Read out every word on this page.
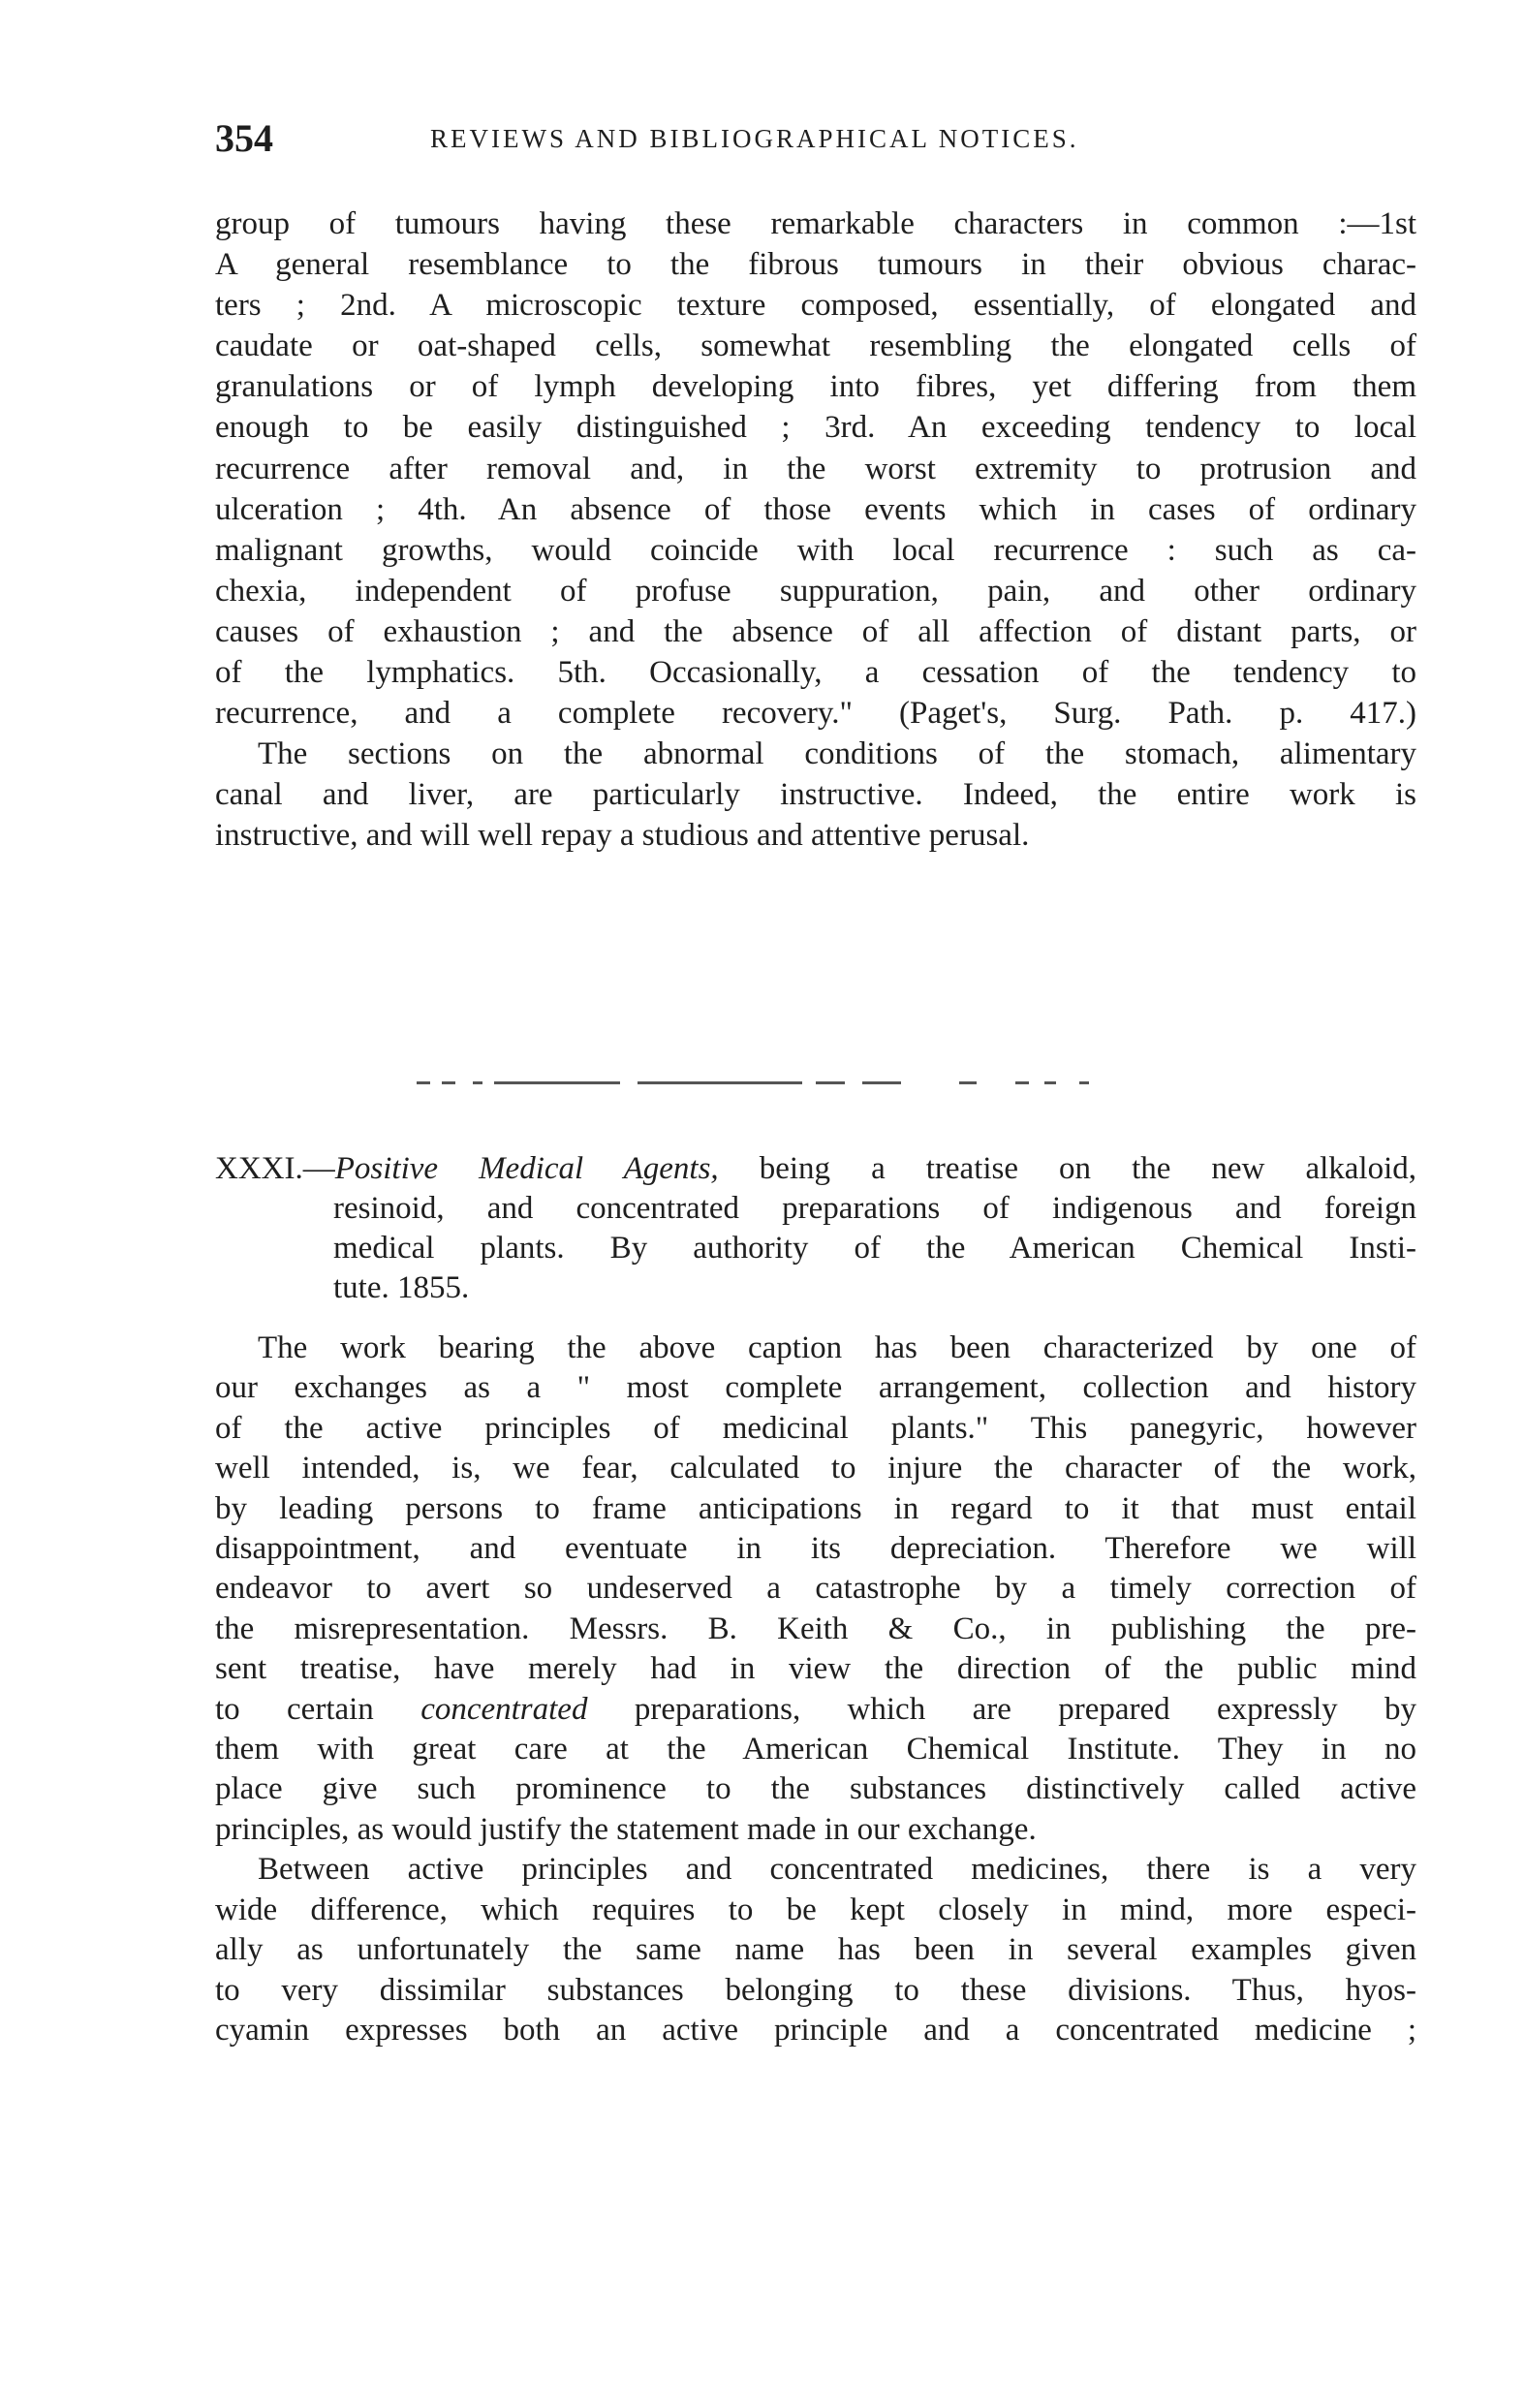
354	REVIEWS AND BIBLIOGRAPHICAL NOTICES.
group of tumours having these remarkable characters in common :—1st
A general resemblance to the fibrous tumours in their obvious charac-
ters ; 2nd. A microscopic texture composed, essentially, of elongated and
caudate or oat-shaped cells, somewhat resembling the elongated cells of
granulations or of lymph developing into fibres, yet differing from them
enough to be easily distinguished ; 3rd. An exceeding tendency to local
recurrence after removal and, in the worst extremity to protrusion and
ulceration ; 4th. An absence of those events which in cases of ordinary
malignant growths, would coincide with local recurrence : such as ca-
chexia, independent of profuse suppuration, pain, and other ordinary
causes of exhaustion ; and the absence of all affection of distant parts, or
of the lymphatics. 5th. Occasionally, a cessation of the tendency to
recurrence, and a complete recovery." (Paget's, Surg. Path. p. 417.)
The sections on the abnormal conditions of the stomach, alimentary
canal and liver, are particularly instructive. Indeed, the entire work is
instructive, and will well repay a studious and attentive perusal.
XXXI.—Positive Medical Agents, being a treatise on the new alkaloid,
resinoid, and concentrated preparations of indigenous and foreign
medical plants. By authority of the American Chemical Insti-
tute. 1855.
The work bearing the above caption has been characterized by one of
our exchanges as a " most complete arrangement, collection and history
of the active principles of medicinal plants." This panegyric, however
well intended, is, we fear, calculated to injure the character of the work,
by leading persons to frame anticipations in regard to it that must entail
disappointment, and eventuate in its depreciation. Therefore we will
endeavor to avert so undeserved a catastrophe by a timely correction of
the misrepresentation. Messrs. B. Keith & Co., in publishing the pre-
sent treatise, have merely had in view the direction of the public mind
to certain concentrated preparations, which are prepared expressly by
them with great care at the American Chemical Institute. They in no
place give such prominence to the substances distinctively called active
principles, as would justify the statement made in our exchange.
Between active principles and concentrated medicines, there is a very
wide difference, which requires to be kept closely in mind, more especi-
ally as unfortunately the same name has been in several examples given
to very dissimilar substances belonging to these divisions. Thus, hyos-
cyamin expresses both an active principle and a concentrated medicine ;
